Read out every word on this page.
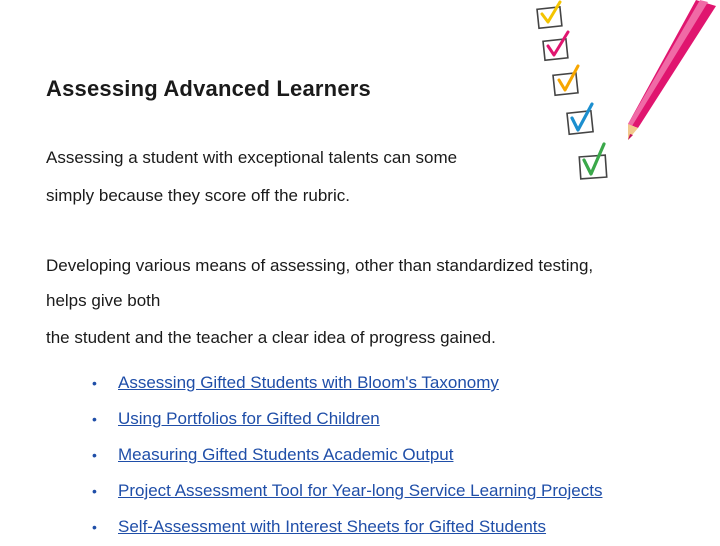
Assessing Advanced Learners
Assessing a student with exceptional talents can some
simply because they score off the rubric.
Developing various means of assessing, other than standardized testing,
helps give both
the student and the teacher a clear idea of progress gained.
• Assessing Gifted Students with Bloom's Taxonomy
• Using Portfolios for Gifted Children
• Measuring Gifted Students Academic Output
• Project Assessment Tool for Year-long Service Learning Projects
• Self-Assessment with Interest Sheets for Gifted Students
